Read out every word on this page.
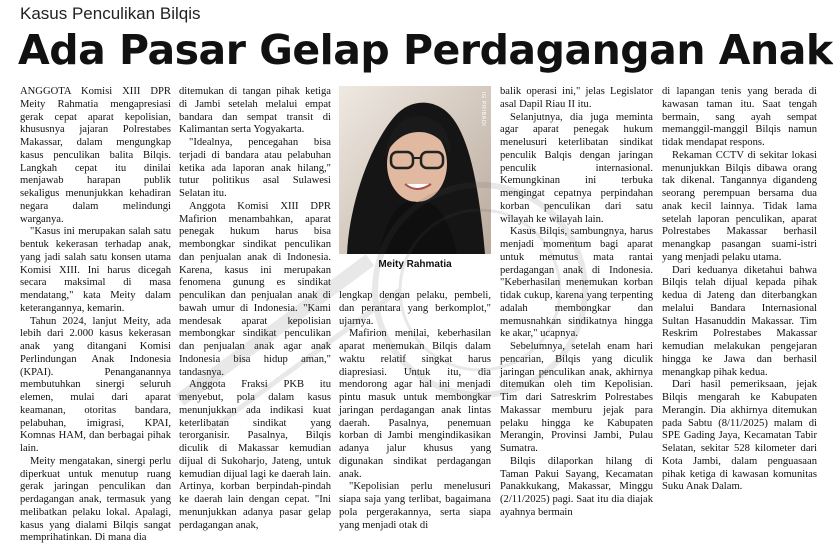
Kasus Penculikan Bilqis
Ada Pasar Gelap Perdagangan Anak

ANGGOTA Komisi XIII DPR Meity Rahmatia mengapresiasi gerak cepat aparat kepolisian, khususnya jajaran Polrestabes Makassar, dalam mengungkap kasus penculikan balita Bilqis. Langkah cepat itu dinilai menjawab harapan publik sekaligus menunjukkan kehadiran negara dalam melindungi warganya.

"Kasus ini merupakan salah satu bentuk kekerasan terhadap anak, yang jadi salah satu konsen utama Komisi XIII. Ini harus dicegah secara maksimal di masa mendatang," kata Meity dalam keterangannya, kemarin.

Tahun 2024, lanjut Meity, ada lebih dari 2.000 kasus kekerasan anak yang ditangani Komisi Perlindungan Anak Indonesia (KPAI). Penanganannya membutuhkan sinergi seluruh elemen, mulai dari aparat keamanan, otoritas bandara, pelabuhan, imigrasi, KPAI, Komnas HAM, dan berbagai pihak lain.

Meity mengatakan, sinergi perlu diperkuat untuk menutup ruang gerak jaringan penculikan dan perdagangan anak, termasuk yang melibatkan pelaku lokal. Apalagi, kasus yang dialami Bilqis sangat memprihatinkan. Di mana dia

ditemukan di tangan pihak ketiga di Jambi setelah melalui empat bandara dan sempat transit di Kalimantan serta Yogyakarta.

"Idealnya, pencegahan bisa terjadi di bandara atau pelabuhan ketika ada laporan anak hilang," tutur politikus asal Sulawesi Selatan itu.

Anggota Komisi XIII DPR Mafirion menambahkan, aparat penegak hukum harus bisa membongkar sindikat penculikan dan penjualan anak di Indonesia. Karena, kasus ini merupakan fenomena gunung es sindikat penculikan dan penjualan anak di bawah umur di Indonesia. "Kami mendesak aparat kepolisian membongkar sindikat penculikan dan penjualan anak agar anak Indonesia bisa hidup aman," tandasnya.

Anggota Fraksi PKB itu menyebut, pola dalam kasus menunjukkan ada indikasi kuat keterlibatan sindikat yang terorganisir. Pasalnya, Bilqis diculik di Makassar kemudian dijual di Sukoharjo, Jateng, untuk kemudian dijual lagi ke daerah lain. Artinya, korban berpindah-pindah ke daerah lain dengan cepat. "Ini menunjukkan adanya pasar gelap perdagangan anak,

IG PRIBADI
Meity Rahmatia

lengkap dengan pelaku, pembeli, dan perantara yang berkomplot," ujarnya.

Mafirion menilai, keberhasilan aparat menemukan Bilqis dalam waktu relatif singkat harus diapresiasi. Untuk itu, dia mendorong agar hal ini menjadi pintu masuk untuk membongkar jaringan perdagangan anak lintas daerah. Pasalnya, penemuan korban di Jambi mengindikasikan adanya jalur khusus yang digunakan sindikat perdagangan anak.

"Kepolisian perlu menelusuri siapa saja yang terlibat, bagaimana pola pergerakannya, serta siapa yang menjadi otak di

balik operasi ini," jelas Legislator asal Dapil Riau II itu.

Selanjutnya, dia juga meminta agar aparat penegak hukum menelusuri keterlibatan sindikat penculik Balqis dengan jaringan penculik internasional. Kemungkinan ini terbuka mengingat cepatnya perpindahan korban penculikan dari satu wilayah ke wilayah lain.

Kasus Bilqis, sambungnya, harus menjadi momentum bagi aparat untuk memutus mata rantai perdagangan anak di Indonesia. "Keberhasilan menemukan korban tidak cukup, karena yang terpenting adalah membongkar dan memusnahkan sindikatnya hingga ke akar," ucapnya.

Sebelumnya, setelah enam hari pencarian, Bilqis yang diculik jaringan penculikan anak, akhirnya ditemukan oleh tim Kepolisian. Tim dari Satreskrim Polrestabes Makassar memburu jejak para pelaku hingga ke Kabupaten Merangin, Provinsi Jambi, Pulau Sumatra.

Bilqis dilaporkan hilang di Taman Pakui Sayang, Kecamatan Panakkukang, Makassar, Minggu (2/11/2025) pagi. Saat itu dia diajak ayahnya bermain

di lapangan tenis yang berada di kawasan taman itu. Saat tengah bermain, sang ayah sempat memanggil-manggil Bilqis namun tidak mendapat respons.

Rekaman CCTV di sekitar lokasi menunjukkan Bilqis dibawa orang tak dikenal. Tangannya digandeng seorang perempuan bersama dua anak kecil lainnya. Tidak lama setelah laporan penculikan, aparat Polrestabes Makassar berhasil menangkap pasangan suami-istri yang menjadi pelaku utama.

Dari keduanya diketahui bahwa Bilqis telah dijual kepada pihak kedua di Jateng dan diterbangkan melalui Bandara Internasional Sultan Hasanuddin Makassar. Tim Reskrim Polrestabes Makassar kemudian melakukan pengejaran hingga ke Jawa dan berhasil menangkap pihak kedua.

Dari hasil pemeriksaan, jejak Bilqis mengarah ke Kabupaten Merangin. Dia akhirnya ditemukan pada Sabtu (8/11/2025) malam di SPE Gading Jaya, Kecamatan Tabir Selatan, sekitar 528 kilometer dari Kota Jambi, dalam penguasaan pihak ketiga di kawasan komunitas Suku Anak Dalam.
